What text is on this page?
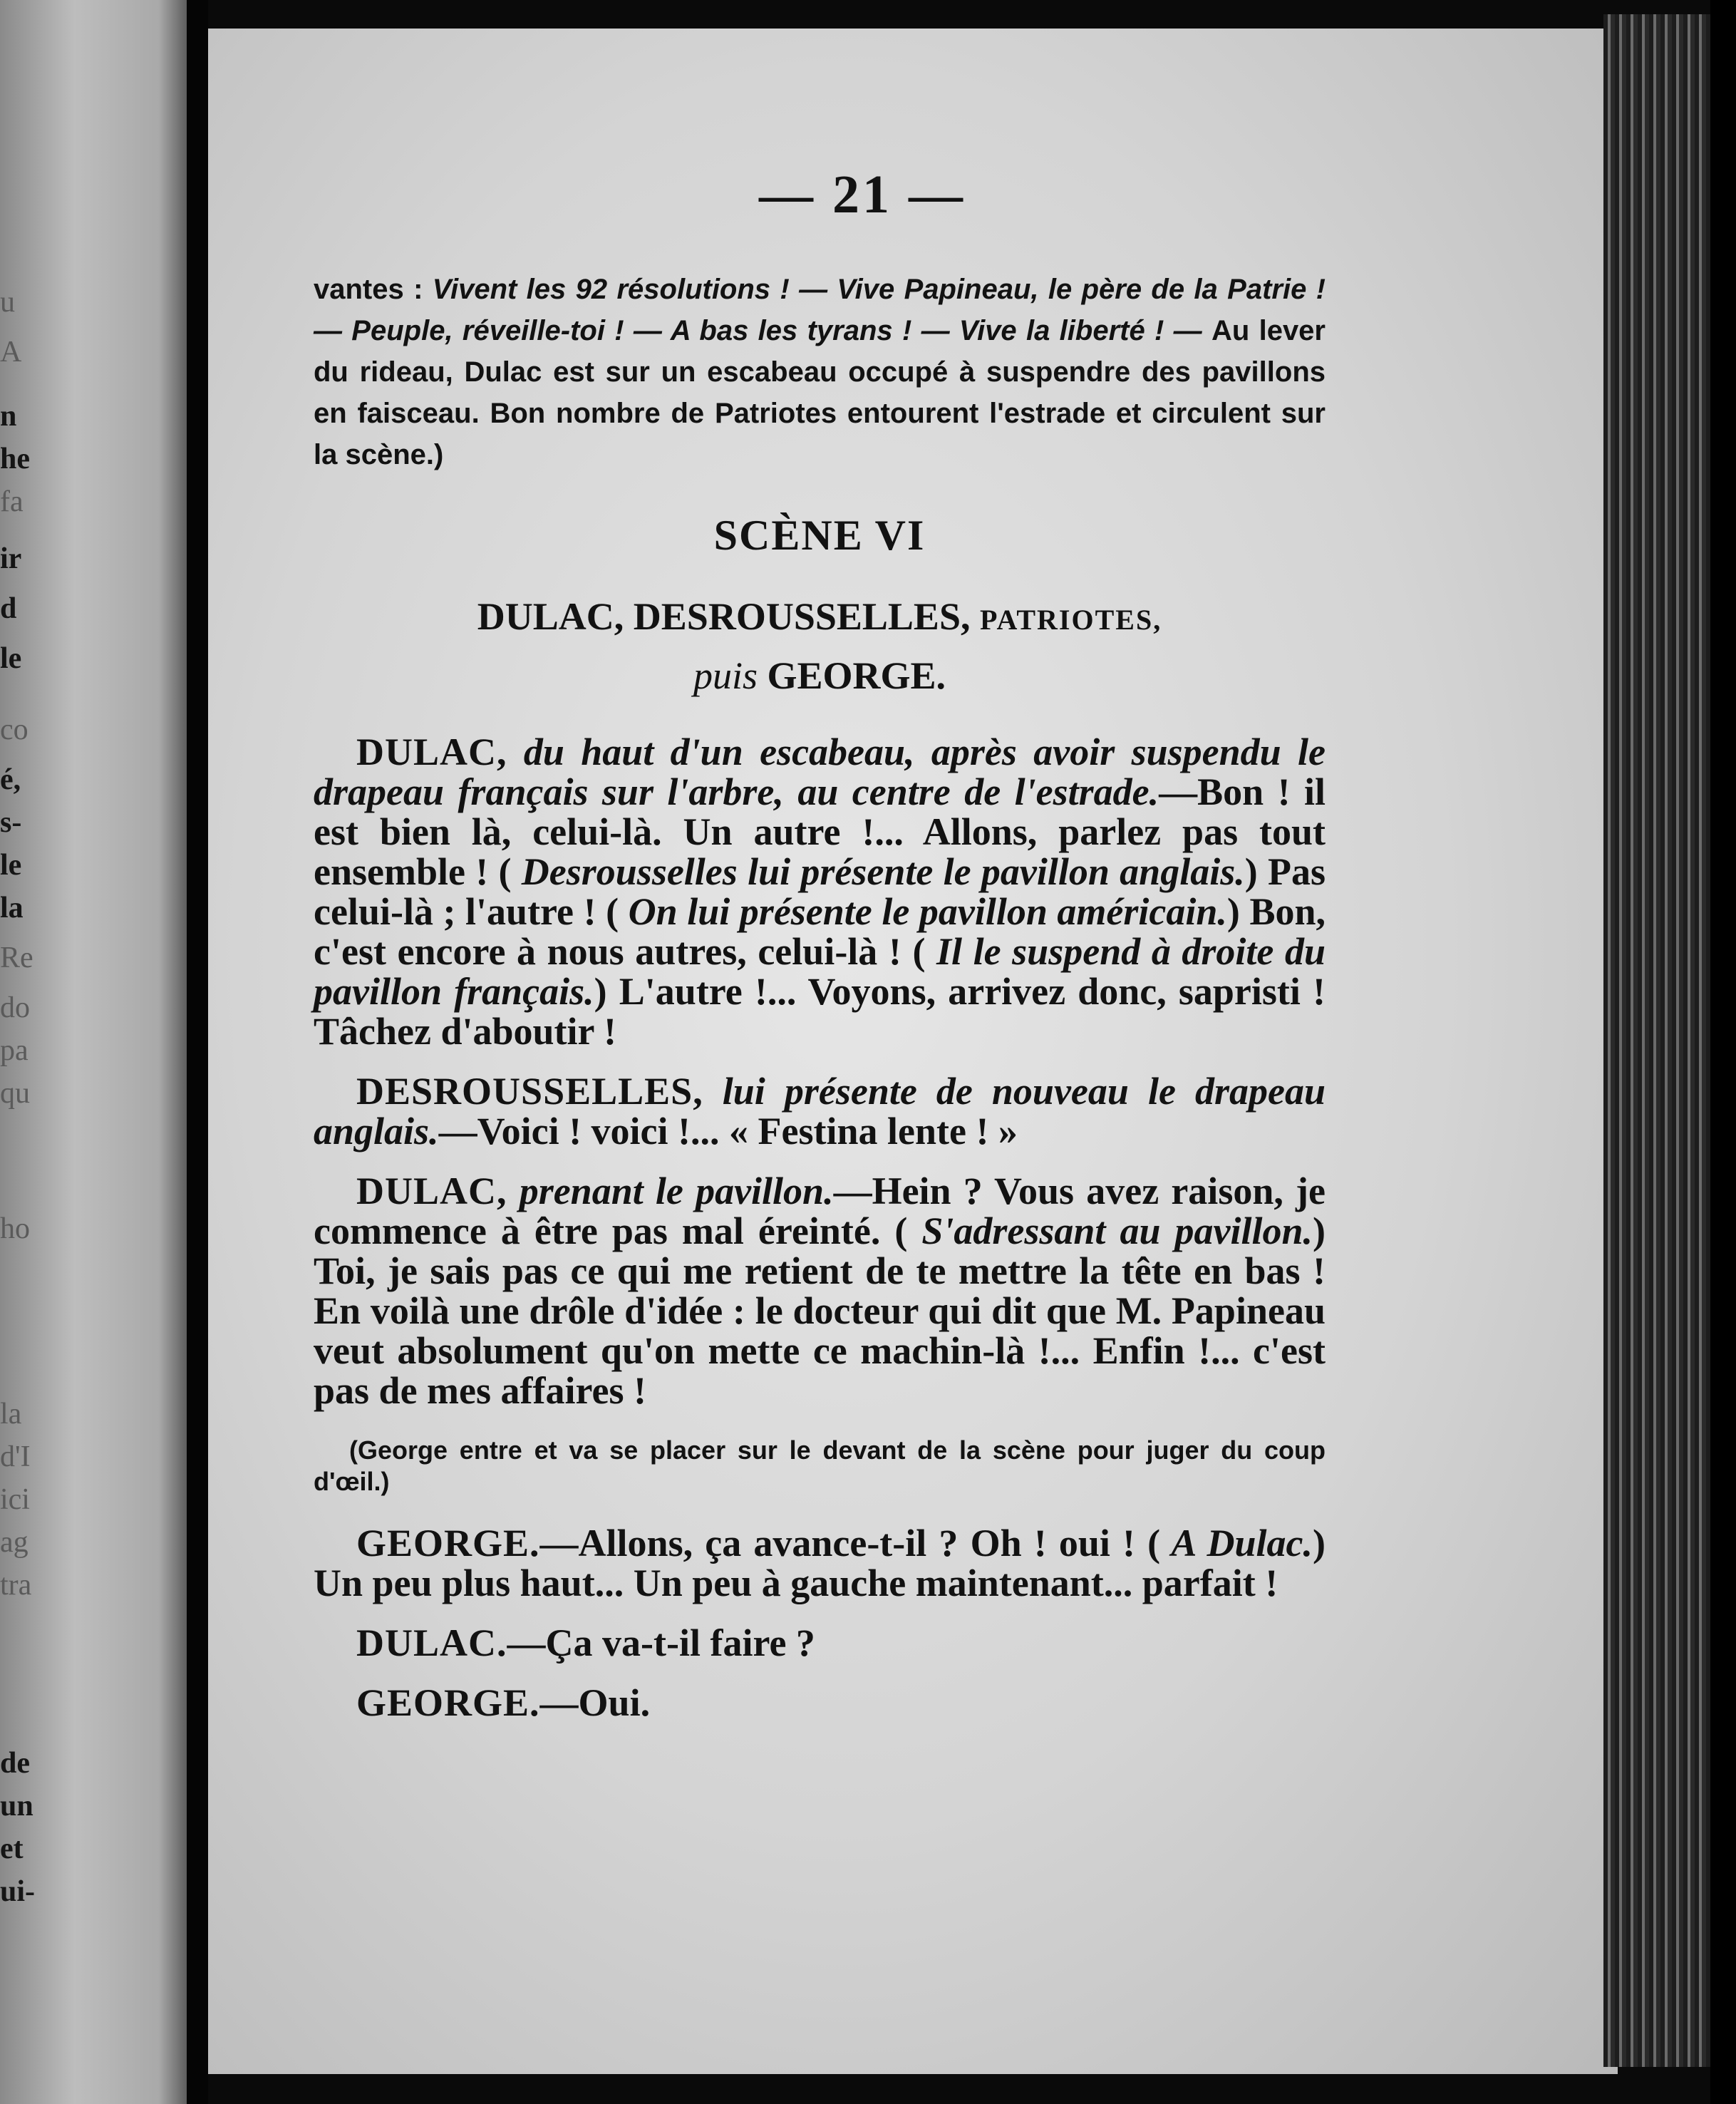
u
A
n
he
fa
ir
d
le
co
é,
s-
le
la
Re
do
pa
qu
ho
la
d'I
ici
ag
tra
de
un
et
ui-
— 21 —

vantes : Vivent les 92 résolutions ! — Vive Papineau, le père de la Patrie ! — Peuple, réveille-toi ! — A bas les tyrans ! — Vive la liberté ! — Au lever du rideau, Dulac est sur un escabeau occupé à suspendre des pavillons en faisceau. Bon nombre de Patriotes entourent l'estrade et circulent sur la scène.)

SCÈNE VI
DULAC, DESROUSSELLES, PATRIOTES,
puis GEORGE.

DULAC, du haut d'un escabeau, après avoir suspendu le drapeau français sur l'arbre, au centre de l'estrade.—Bon ! il est bien là, celui-là. Un autre !... Allons, parlez pas tout ensemble ! ( Desrousselles lui présente le pavillon anglais.) Pas celui-là ; l'autre ! ( On lui présente le pavillon américain.) Bon, c'est encore à nous autres, celui-là ! ( Il le suspend à droite du pavillon français.) L'autre !... Voyons, arrivez donc, sapristi ! Tâchez d'aboutir !

DESROUSSELLES, lui présente de nouveau le drapeau anglais.—Voici ! voici !... « Festina lente ! »

DULAC, prenant le pavillon.—Hein ? Vous avez raison, je commence à être pas mal éreinté. ( S'adressant au pavillon.) Toi, je sais pas ce qui me retient de te mettre la tête en bas ! En voilà une drôle d'idée : le docteur qui dit que M. Papineau veut absolument qu'on mette ce machin-là !... Enfin !... c'est pas de mes affaires !

(George entre et va se placer sur le devant de la scène pour juger du coup d'œil.)

GEORGE.—Allons, ça avance-t-il ? Oh ! oui ! ( A Dulac.) Un peu plus haut... Un peu à gauche maintenant... parfait !

DULAC.—Ça va-t-il faire ?

GEORGE.—Oui.
